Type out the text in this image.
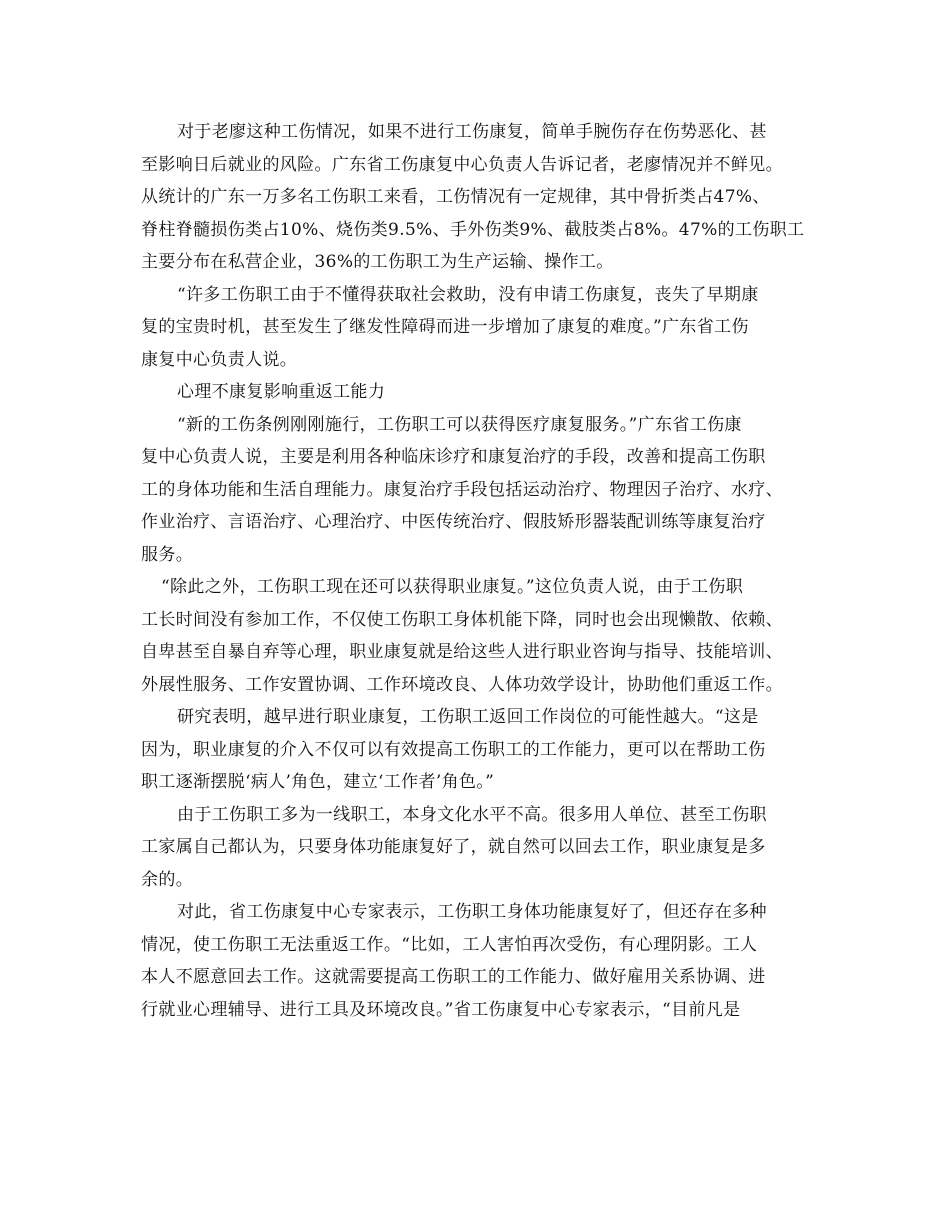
对于老廖这种工伤情况，如果不进行工伤康复，简单手腕伤存在伤势恶化、甚
至影响日后就业的风险。广东省工伤康复中心负责人告诉记者，老廖情况并不鲜见。
从统计的广东一万多名工伤职工来看，工伤情况有一定规律，其中骨折类占47%、
脊柱脊髓损伤类占10%、烧伤类9.5%、手外伤类9%、截肢类占8%。47%的工伤职工
主要分布在私营企业，36%的工伤职工为生产运输、操作工。
“许多工伤职工由于不懂得获取社会救助，没有申请工伤康复，丧失了早期康
复的宝贵时机，甚至发生了继发性障碍而进一步增加了康复的难度。”广东省工伤
康复中心负责人说。
心理不康复影响重返工能力
“新的工伤条例刚刚施行，工伤职工可以获得医疗康复服务。”广东省工伤康
复中心负责人说，主要是利用各种临床诊疗和康复治疗的手段，改善和提高工伤职
工的身体功能和生活自理能力。康复治疗手段包括运动治疗、物理因子治疗、水疗、
作业治疗、言语治疗、心理治疗、中医传统治疗、假肢矫形器装配训练等康复治疗
服务。
“除此之外，工伤职工现在还可以获得职业康复。”这位负责人说，由于工伤职
工长时间没有参加工作，不仅使工伤职工身体机能下降，同时也会出现懒散、依赖、
自卑甚至自暴自弃等心理，职业康复就是给这些人进行职业咨询与指导、技能培训、
外展性服务、工作安置协调、工作环境改良、人体功效学设计，协助他们重返工作。
研究表明，越早进行职业康复，工伤职工返回工作岗位的可能性越大。“这是
因为，职业康复的介入不仅可以有效提高工伤职工的工作能力，更可以在帮助工伤
职工逐渐摆脱‘病人’角色，建立‘工作者’角色。”
由于工伤职工多为一线职工，本身文化水平不高。很多用人单位、甚至工伤职
工家属自己都认为，只要身体功能康复好了，就自然可以回去工作，职业康复是多
余的。
对此，省工伤康复中心专家表示，工伤职工身体功能康复好了，但还存在多种
情况，使工伤职工无法重返工作。“比如，工人害怕再次受伤，有心理阴影。工人
本人不愿意回去工作。这就需要提高工伤职工的工作能力、做好雇用关系协调、进
行就业心理辅导、进行工具及环境改良。”省工伤康复中心专家表示，“目前凡是
